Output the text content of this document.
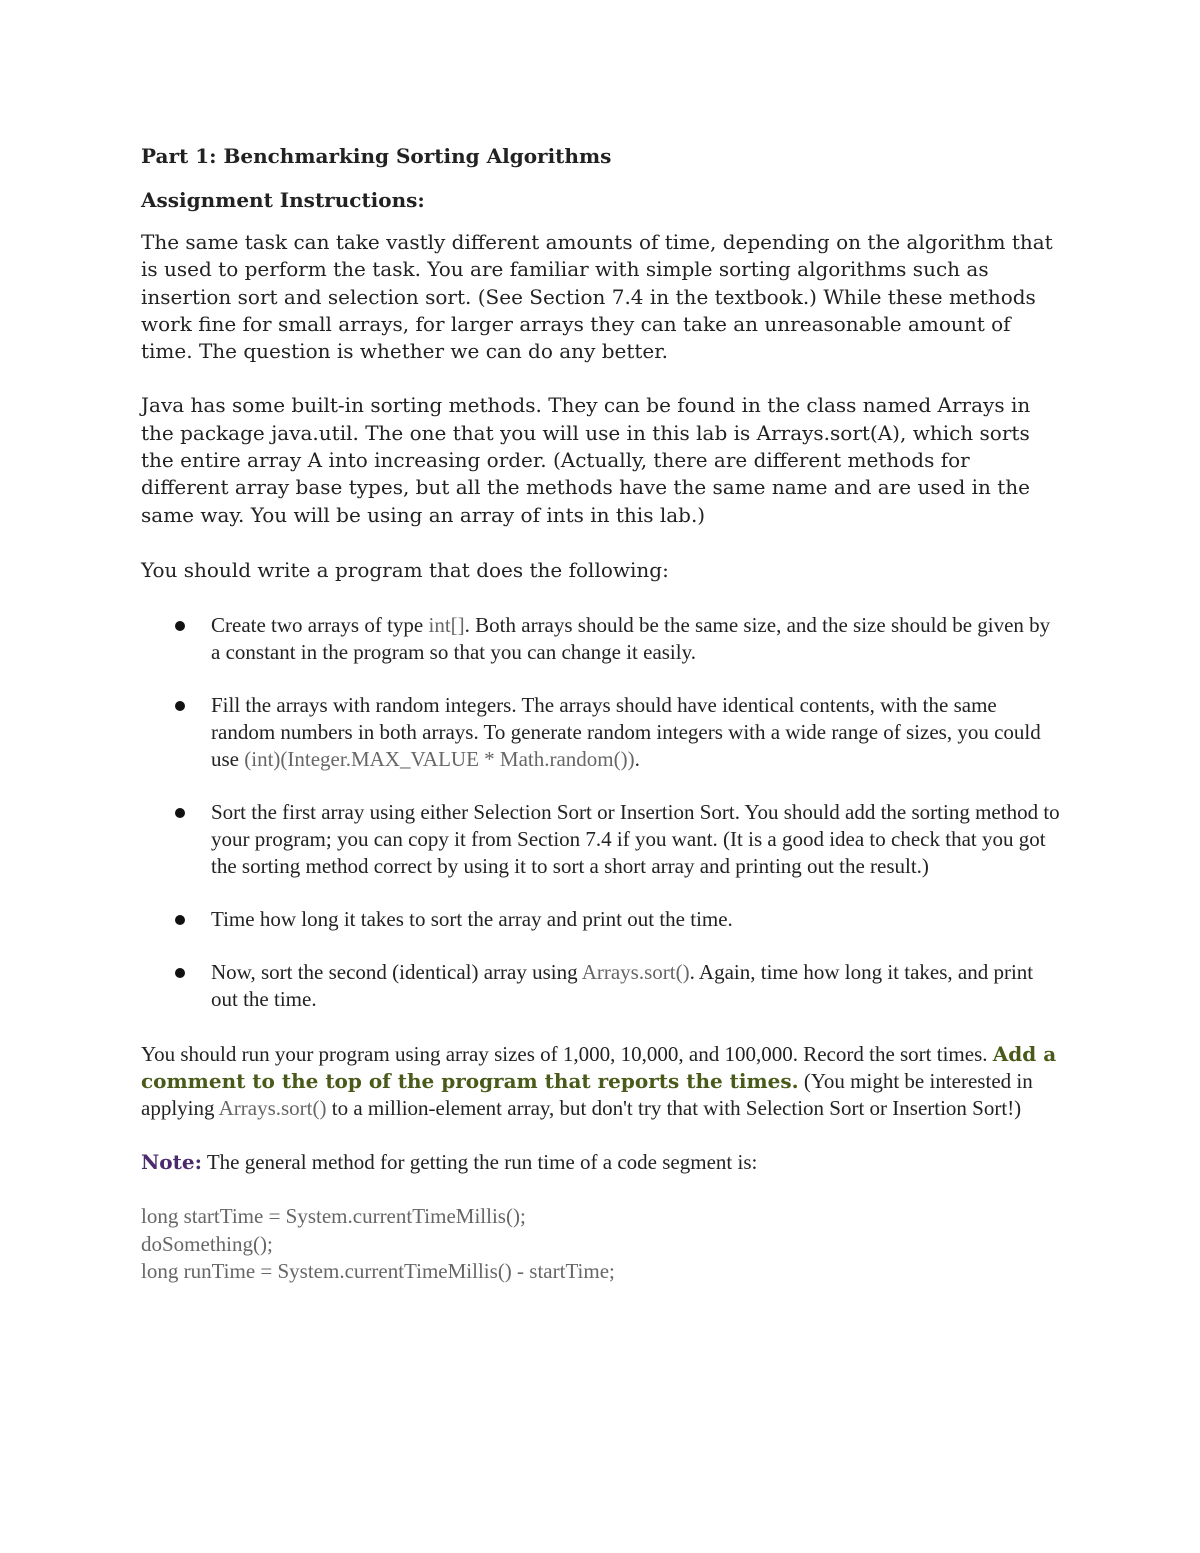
Part 1: Benchmarking Sorting Algorithms
Assignment Instructions:

The same task can take vastly different amounts of time, depending on the algorithm that is used to perform the task. You are familiar with simple sorting algorithms such as insertion sort and selection sort. (See Section 7.4 in the textbook.) While these methods work fine for small arrays, for larger arrays they can take an unreasonable amount of time. The question is whether we can do any better.

Java has some built-in sorting methods. They can be found in the class named Arrays in the package java.util. The one that you will use in this lab is Arrays.sort(A), which sorts the entire array A into increasing order. (Actually, there are different methods for different array base types, but all the methods have the same name and are used in the same way. You will be using an array of ints in this lab.)

You should write a program that does the following:

Create two arrays of type int[]. Both arrays should be the same size, and the size should be given by a constant in the program so that you can change it easily.
Fill the arrays with random integers. The arrays should have identical contents, with the same random numbers in both arrays. To generate random integers with a wide range of sizes, you could use (int)(Integer.MAX_VALUE * Math.random()).
Sort the first array using either Selection Sort or Insertion Sort. You should add the sorting method to your program; you can copy it from Section 7.4 if you want. (It is a good idea to check that you got the sorting method correct by using it to sort a short array and printing out the result.)
Time how long it takes to sort the array and print out the time.
Now, sort the second (identical) array using Arrays.sort(). Again, time how long it takes, and print out the time.

You should run your program using array sizes of 1,000, 10,000, and 100,000. Record the sort times. Add a comment to the top of the program that reports the times. (You might be interested in applying Arrays.sort() to a million-element array, but don't try that with Selection Sort or Insertion Sort!)

Note: The general method for getting the run time of a code segment is:

long startTime = System.currentTimeMillis();
doSomething();
long runTime = System.currentTimeMillis() - startTime;
